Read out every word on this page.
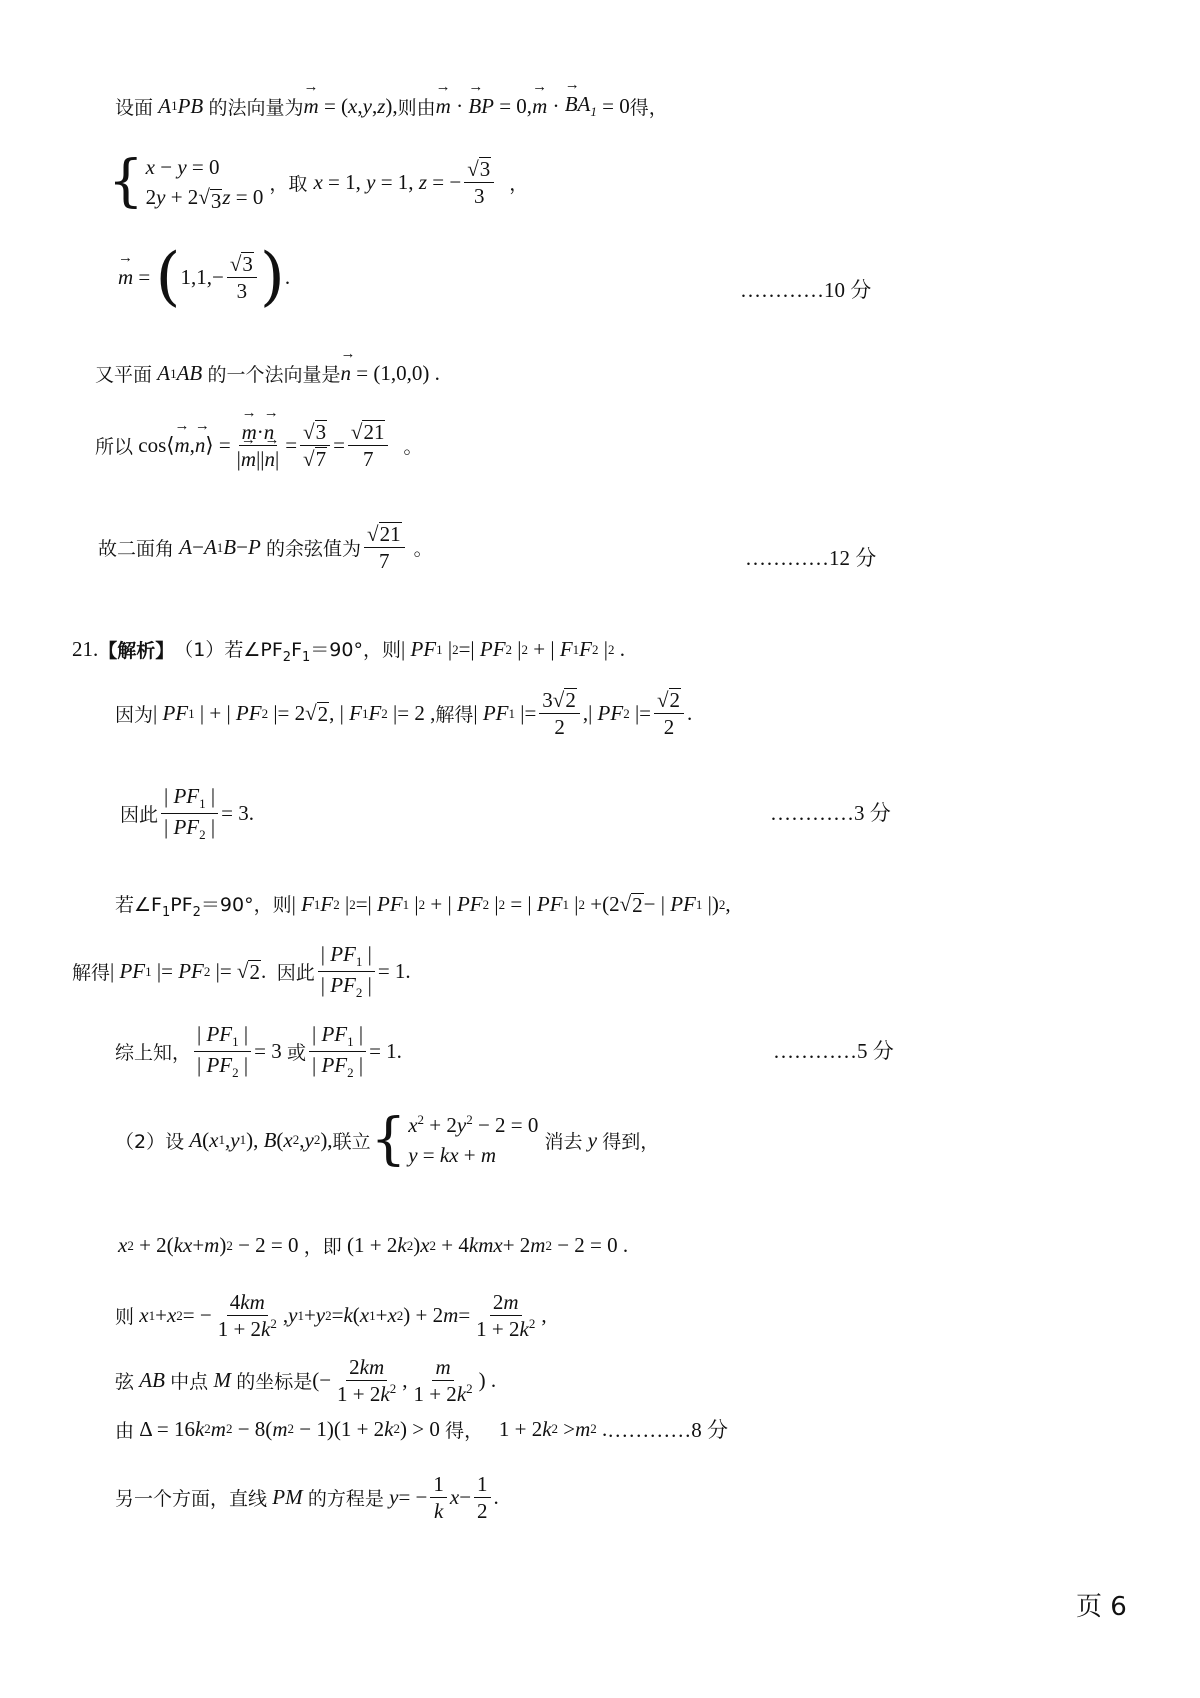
设面
A 1 PB
的法向量为 → m = ( x , y , z ), 则由 → m · → BP = 0, → m · → $BA_1 = 0$ 得，
{ x − y = 0
2y + 2√ 3 z = 0
，取 x = 1, y = 1, z = − $\frac{√ 3}{3}$ ，
→ m = ( $1,1,- \frac{√ 3}{3}$ ) .
…………10 分
又平面
A 1 AB
的一个法向量是 → n = (1,0,0) .
所以 cos⟨ → m , → n ⟩ = → $\frac{m\cdot\to n}{|\to m||\to n|} = \frac{√ 3}{√ 7} = \frac{√ 21}{7}$ 。
故二面角
A − A 1 B − P
的余弦值为 $\frac{√ 21}{7}$ 。	…………12 分
21. 【解析】 （1）若$\angle PF_2F_1=90^\circ$，则 | PF 1 | 2 =| PF 2 | 2 + | F 1 F 2 | 2 .
因为 | PF 1 | + | PF 2 |= 2 √ 2 , | F 1 F 2 |= 2 , 解得 | PF 1 |= $\frac{3√ 2}{2}$ ,| PF 2 |= $\frac{√ 2}{2}$ .
因此 $\frac{| PF_1 |}{| PF_2 |} = 3$.	…………3 分
若$\angle F_1PF_2=90^\circ$，则 | F 1 F 2 | 2 =| PF 1 | 2 + | PF 2 | 2 = | PF 1 | 2 +(2 √ 2 − | PF 1 |) 2 ,
解得 | PF 1 |= PF 2 |= √ 2 . 因此 $\frac{| PF_1 |}{| PF_2 |} = 1$.
综上知， $\frac{| PF_1 |}{| PF_2 |} = 3$ 或 $\frac{| PF_1 |}{| PF_2 |} = 1$.	…………5 分
（2）设
A ( x 1 , y 1 ), B ( x 2 , y 2 ), 联立 { $x^2 + 2y^2 - 2 = 0$
y = kx + m
消去
y
得到，
x 2 + 2( kx + m ) 2 − 2 = 0 ，即 (1 + 2 k 2 ) x 2 + 4 kmx + 2 m 2 − 2 = 0 .
则
x 1 + x 2 = − $\frac{4km}{1 + 2k^2}$ , y 1 + y 2 = k ( x 1 + x 2 ) + 2 $m = \frac{2m}{1 + 2k^2}$ ,
弦
AB
中点
M
的坐标是 (− $\frac{2km}{1 + 2k^2}$ , $\frac{m}{1 + 2k^2}$ ) .
由 Δ = 16 k 2 m 2 − 8( m 2 − 1)(1 + 2 k 2 ) > 0 得， 1 + 2 k 2 > m 2 . …………8 分
另一个方面，直线
PM
的方程是
y = − $\frac{1}{k}$ $x - \frac{1}{2}$ .
页 6
